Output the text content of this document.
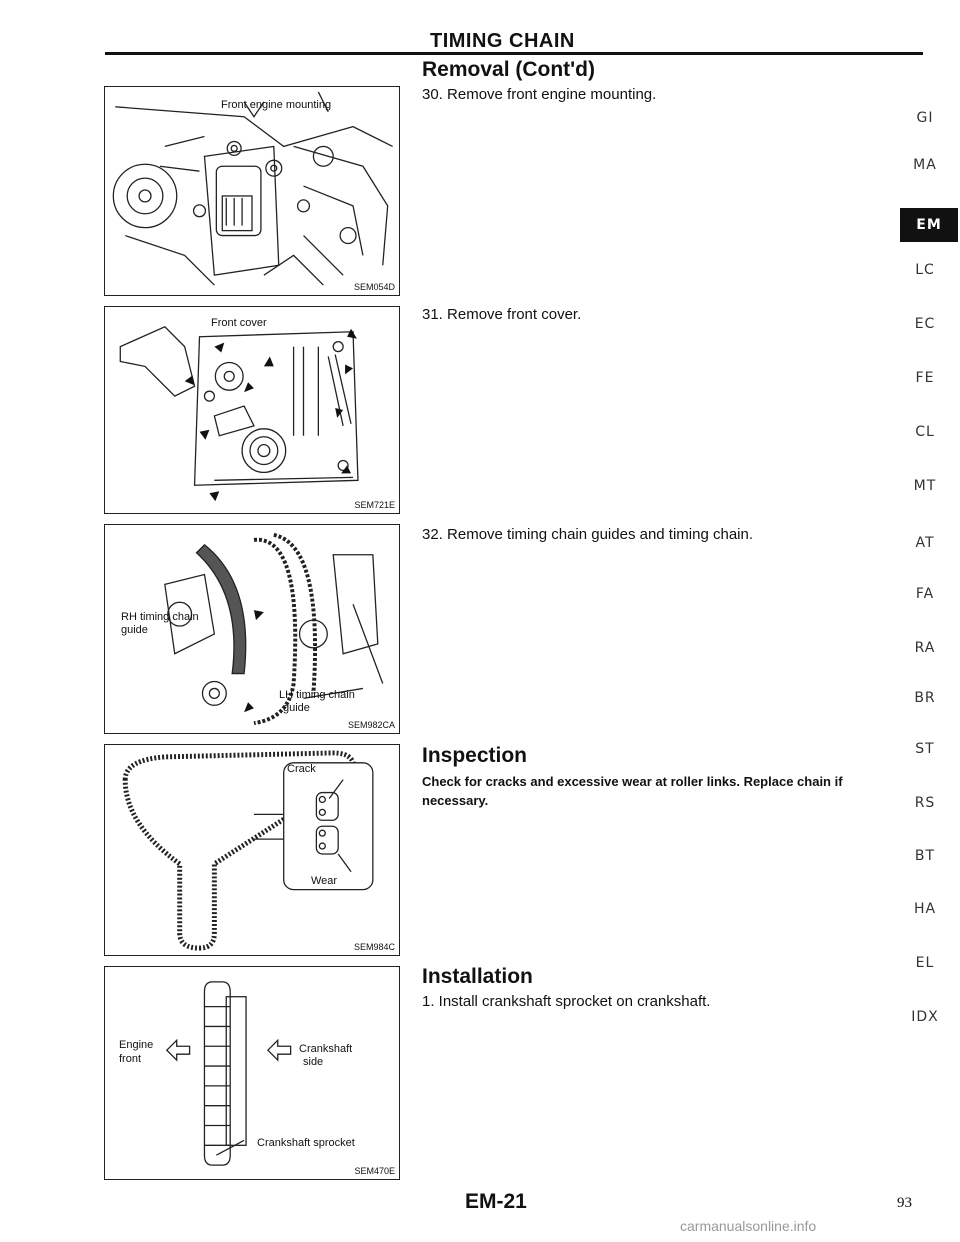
TIMING CHAIN
Removal (Cont'd)
Front engine mounting
SEM054D
Front cover
SEM721E
RH timing chain
guide
LH timing chain
guide
SEM982CA
Crack
Wear
SEM984C
Engine
front
Crankshaft
side
Crankshaft sprocket
SEM470E
30. Remove front engine mounting.
31. Remove front cover.
32. Remove timing chain guides and timing chain.
Inspection
Check for cracks and excessive wear at roller links. Replace chain if necessary.
Installation
1. Install crankshaft sprocket on crankshaft.
GI
MA
EM
LC
EC
FE
CL
MT
AT
FA
RA
BR
ST
RS
BT
HA
EL
IDX
EM-21	93
carmanualsonline.info
